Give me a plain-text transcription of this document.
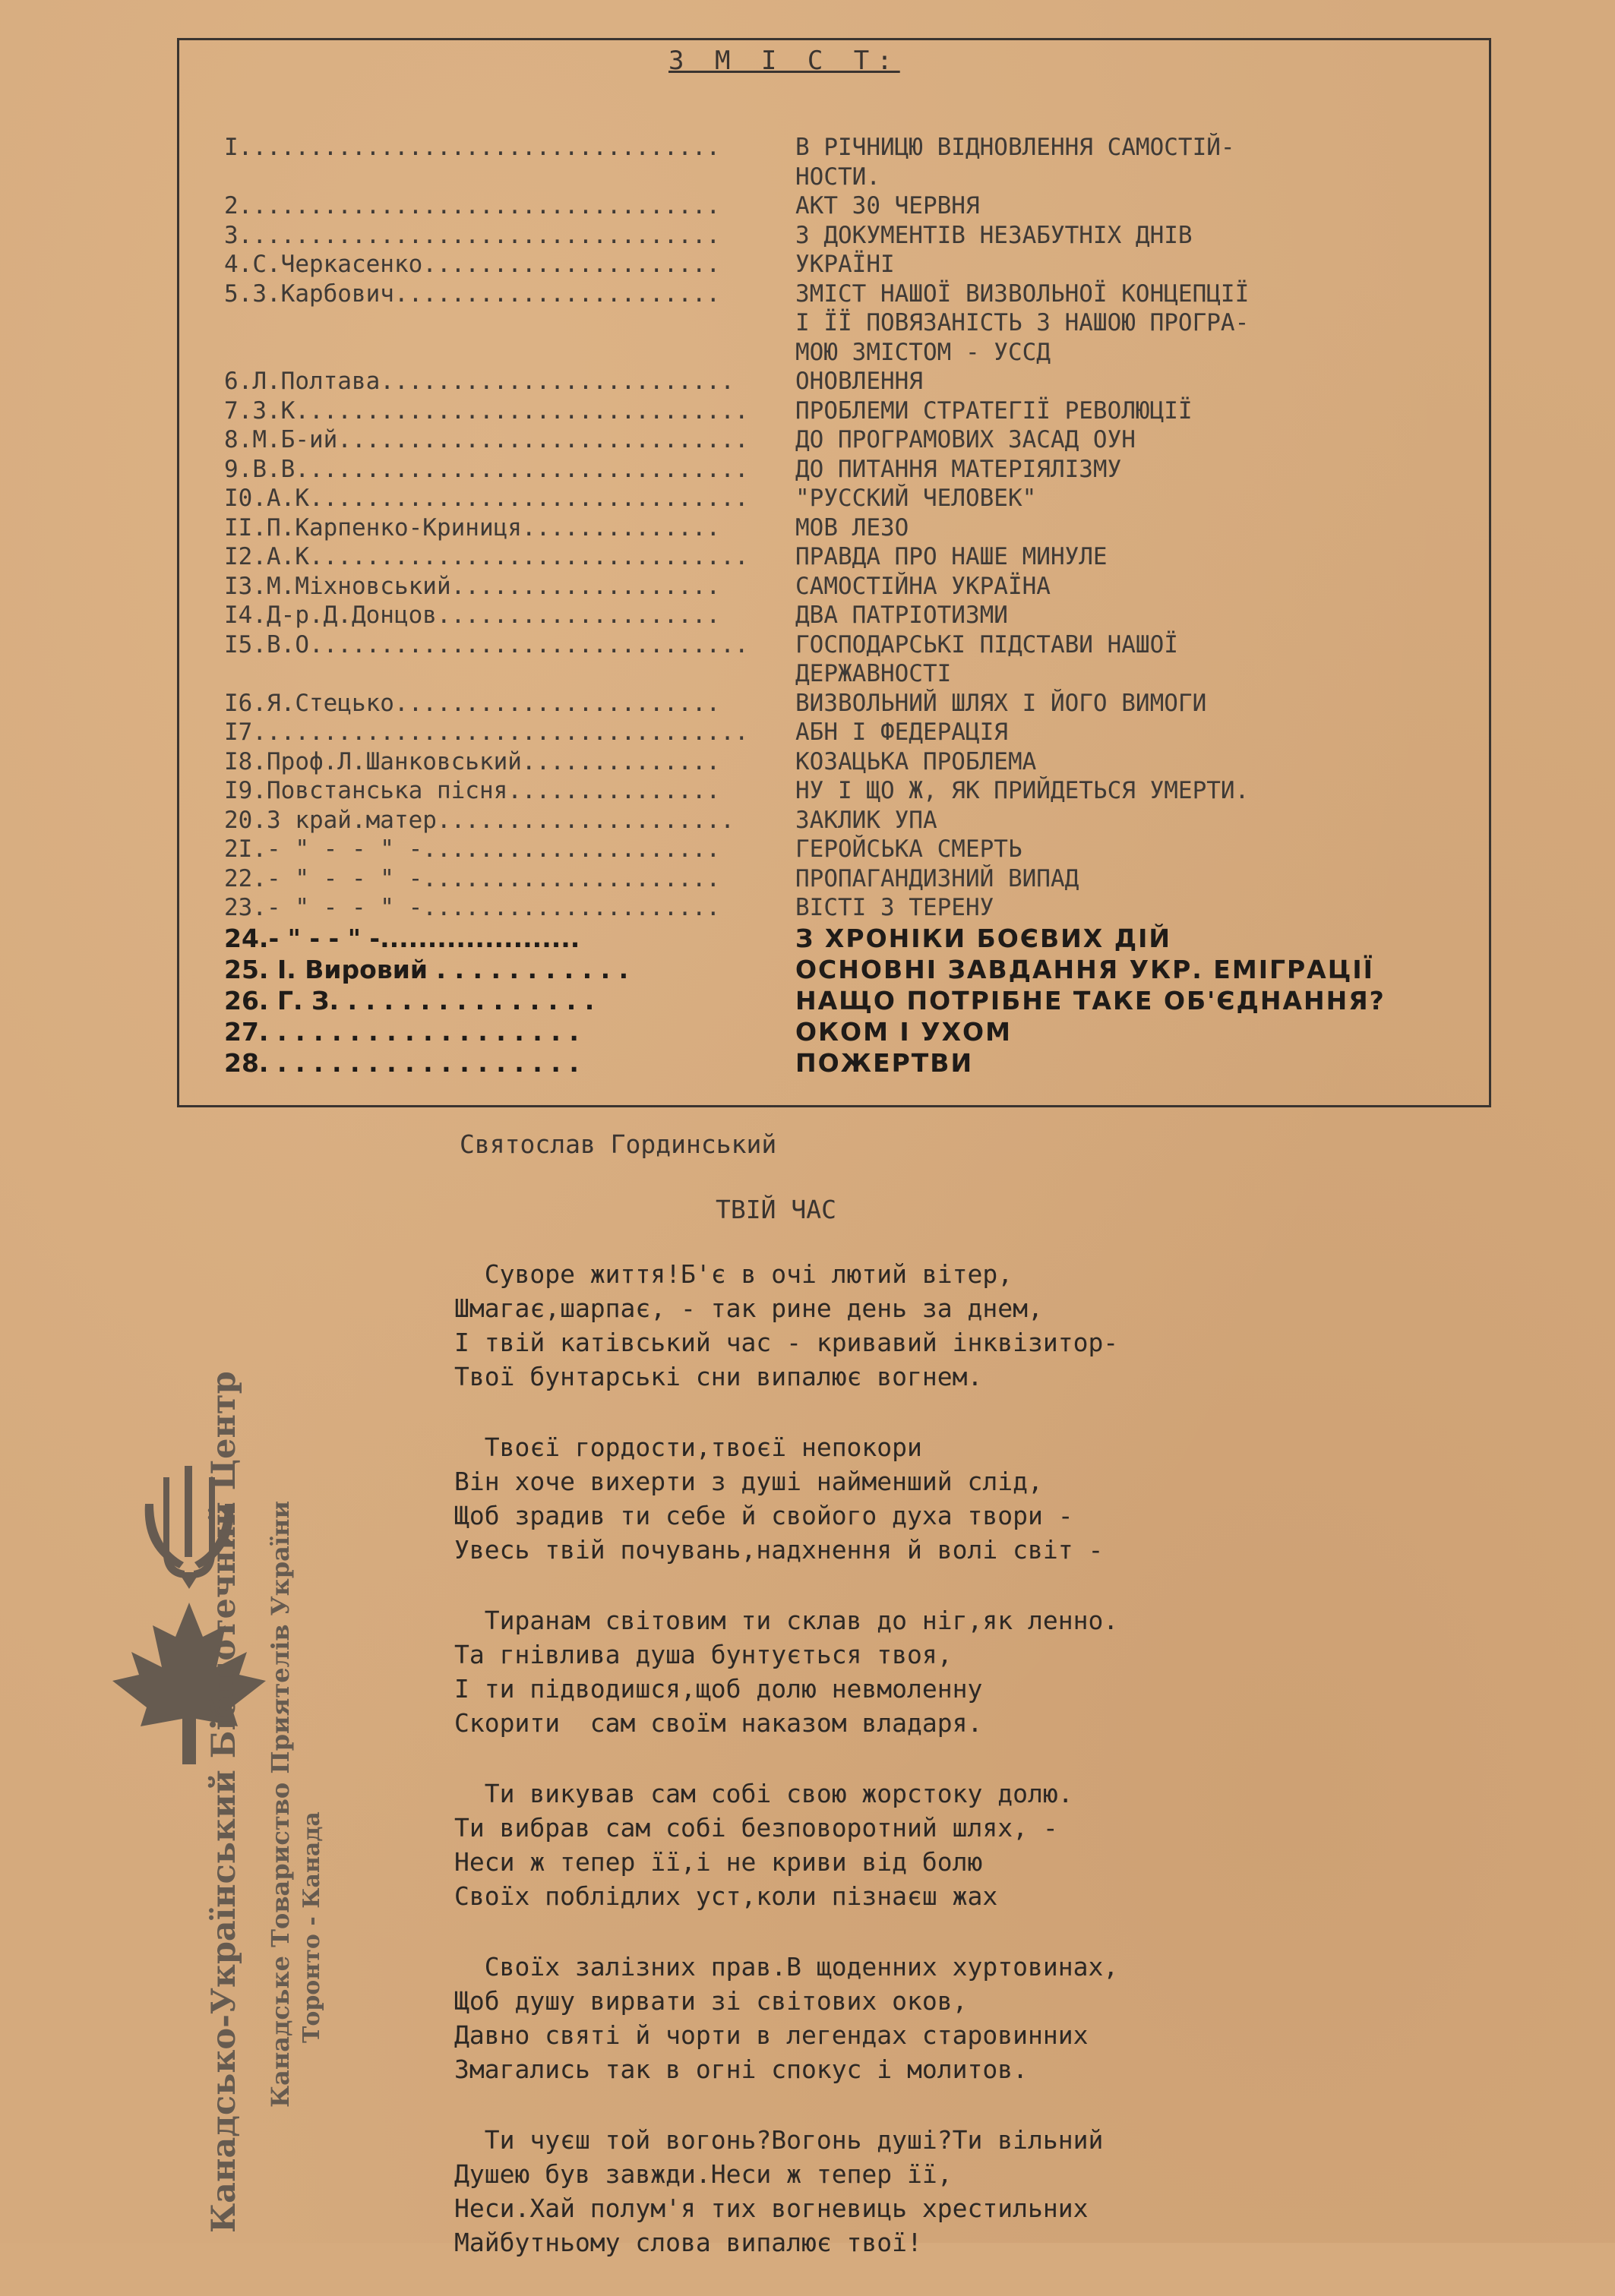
З М І С Т:
І..................................	В РІЧНИЦЮ ВІДНОВЛЕННЯ САМОСТІЙ-
НОСТИ.
2..................................	АКТ 30 ЧЕРВНЯ
3..................................	З ДОКУМЕНТІВ НЕЗАБУТНІХ ДНІВ
4.С.Черкасенко.....................	УКРАЇНІ
5.З.Карбович.......................	ЗМІСТ НАШОЇ ВИЗВОЛЬНОЇ КОНЦЕПЦІЇ
І ЇЇ ПОВЯЗАНІСТЬ З НАШОЮ ПРОГРА-
МОЮ ЗМІСТОМ - УССД
6.Л.Полтава.........................	ОНОВЛЕННЯ
7.З.К................................	ПРОБЛЕМИ СТРАТЕГІЇ РЕВОЛЮЦІЇ
8.М.Б-ий.............................	ДО ПРОГРАМОВИХ ЗАСАД ОУН
9.В.В................................	ДО ПИТАННЯ МАТЕРІЯЛІЗМУ
І0.А.К...............................	"РУССКИЙ ЧЕЛОВЕК"
ІІ.П.Карпенко-Криниця..............	МОВ ЛЕЗО
І2.А.К...............................	ПРАВДА ПРО НАШЕ МИНУЛЕ
І3.М.Міхновський...................	САМОСТІЙНА УКРАЇНА
І4.Д-р.Д.Донцов....................	ДВА ПАТРІОТИЗМИ
І5.В.О...............................	ГОСПОДАРСЬКІ ПІДСТАВИ НАШОЇ
ДЕРЖАВНОСТІ
І6.Я.Стецько.......................	ВИЗВОЛЬНИЙ ШЛЯХ І ЙОГО ВИМОГИ
І7...................................	АБН І ФЕДЕРАЦІЯ
І8.Проф.Л.Шанковський..............	КОЗАЦЬКА ПРОБЛЕМА
І9.Повстанська пісня...............	НУ І ЩО Ж, ЯК ПРИЙДЕТЬСЯ УМЕРТИ.
20.З край.матер.....................	ЗАКЛИК УПА
2І.- " - - " -.....................	ГЕРОЙСЬКА СМЕРТЬ
22.- " - - " -.....................	ПРОПАГАНДИЗНИЙ ВИПАД
23.- " - - " -.....................	ВІСТІ З ТЕРЕНУ
24.- " - - " -.....................	З ХРОНІКИ БОЄВИХ ДІЙ
25. І. Вировий . . . . . . . . . . .	ОСНОВНІ ЗАВДАННЯ УКР. ЕМІГРАЦІЇ
26. Г. З. . . . . . . . . . . . . . .	НАЩО ПОТРІБНЕ ТАКЕ ОБ'ЄДНАННЯ?
27. . . . . . . . . . . . . . . . . .	ОКОМ І УХОМ
28. . . . . . . . . . . . . . . . . .	ПОЖЕРТВИ
Святослав Гординський
ТВІЙ ЧАС
Суворе життя!Б'є в очі лютий вітер,
Шмагає,шарпає, - так рине день за днем,
І твій катівський час - кривавий інквізитор-
Твої бунтарські сни випалює вогнем.
Твоєї гордости,твоєї непокори
Він хоче вихерти з душі найменший слід,
Щоб зрадив ти себе й свойого духа твори -
Увесь твій почувань,надхнення й волі світ -
Тиранам світовим ти склав до ніг,як ленно.
Та гнівлива душа бунтується твоя,
І ти підводишся,щоб долю невмоленну
Скорити  сам своїм наказом владаря.
Ти викував сам собі свою жорстоку долю.
Ти вибрав сам собі безповоротний шлях, -
Неси ж тепер її,і не криви від болю
Своїх поблідлих уст,коли пізнаєш жах
Своїх залізних прав.В щоденних хуртовинах,
Щоб душу вирвати зі світових оков,
Давно святі й чорти в легендах старовинних
Змагались так в огні спокус і молитов.
Ти чуєш той вогонь?Вогонь душі?Ти вільний
Душею був завжди.Неси ж тепер її,
Неси.Хай полум'я тих вогневиць хрестильних
Майбутньому слова випалює твої!
Канадсько-Український Бібліотечний Центр Канадське Товариство Приятелів України Торонто - Канада
